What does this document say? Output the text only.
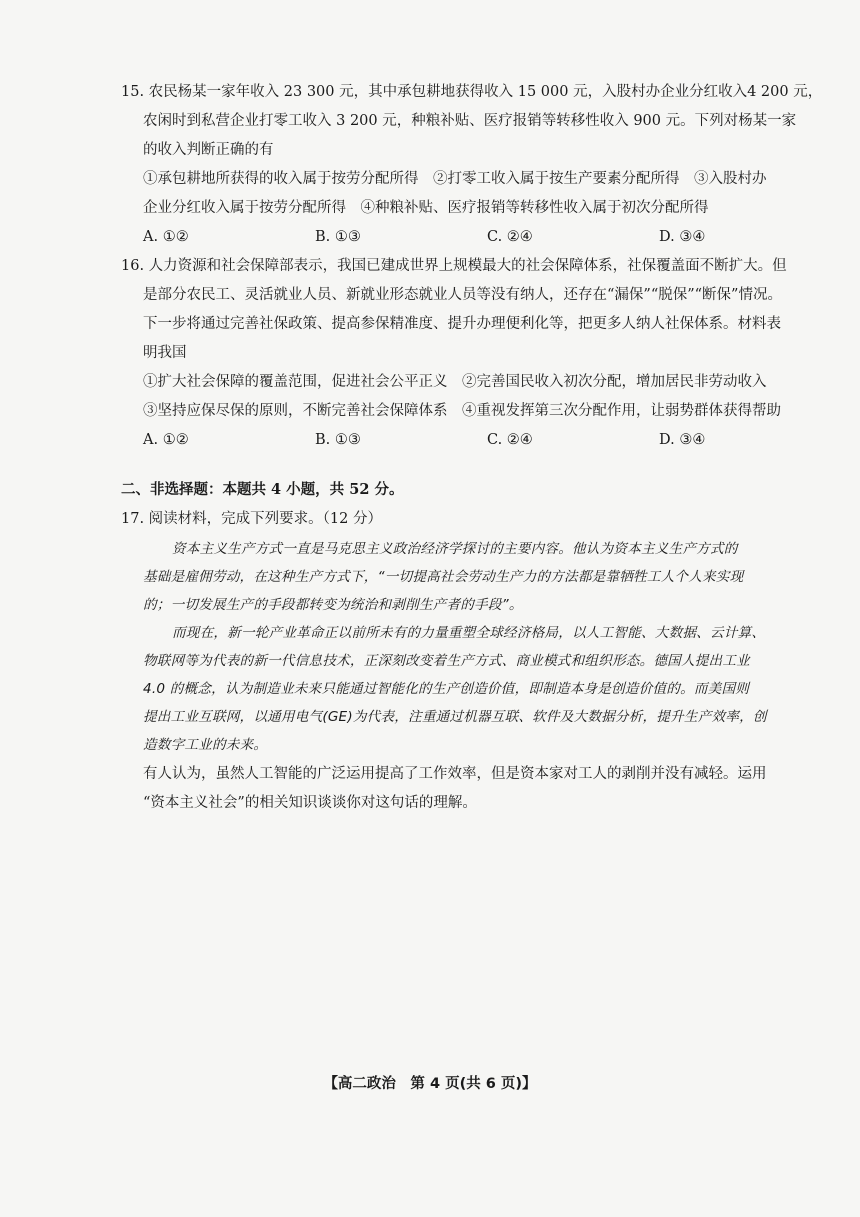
15. 农民杨某一家年收入 23 300 元，其中承包耕地获得收入 15 000 元，入股村办企业分红收入4 200 元，
农闲时到私营企业打零工收入 3 200 元，种粮补贴、医疗报销等转移性收入 900 元。下列对杨某一家
的收入判断正确的有
①承包耕地所获得的收入属于按劳分配所得　②打零工收入属于按生产要素分配所得　③入股村办
企业分红收入属于按劳分配所得　④种粮补贴、医疗报销等转移性收入属于初次分配所得
A. ①②	B. ①③	C. ②④	D. ③④
16. 人力资源和社会保障部表示，我国已建成世界上规模最大的社会保障体系，社保覆盖面不断扩大。但
是部分农民工、灵活就业人员、新就业形态就业人员等没有纳人，还存在“漏保”“脱保”“断保”情况。
下一步将通过完善社保政策、提高参保精准度、提升办理便利化等，把更多人纳人社保体系。材料表
明我国
①扩大社会保障的覆盖范围，促进社会公平正义　②完善国民收入初次分配，增加居民非劳动收入
③坚持应保尽保的原则，不断完善社会保障体系　④重视发挥第三次分配作用，让弱势群体获得帮助
A. ①②	B. ①③	C. ②④	D. ③④
二、非选择题：本题共 4 小题，共 52 分。
17. 阅读材料，完成下列要求。（12 分）
资本主义生产方式一直是马克思主义政治经济学探讨的主要内容。他认为资本主义生产方式的
基础是雇佣劳动，在这种生产方式下，“一切提高社会劳动生产力的方法都是靠牺牲工人个人来实现
的；一切发展生产的手段都转变为统治和剥削生产者的手段”。
而现在，新一轮产业革命正以前所未有的力量重塑全球经济格局，以人工智能、大数据、云计算、
物联网等为代表的新一代信息技术，正深刻改变着生产方式、商业模式和组织形态。德国人提出工业
4.0 的概念，认为制造业未来只能通过智能化的生产创造价值，即制造本身是创造价值的。而美国则
提出工业互联网，以通用电气(GE)为代表，注重通过机器互联、软件及大数据分析，提升生产效率，创
造数字工业的未来。
有人认为，虽然人工智能的广泛运用提高了工作效率，但是资本家对工人的剥削并没有减轻。运用
“资本主义社会”的相关知识谈谈你对这句话的理解。
【高二政治　第 4 页(共 6 页)】
